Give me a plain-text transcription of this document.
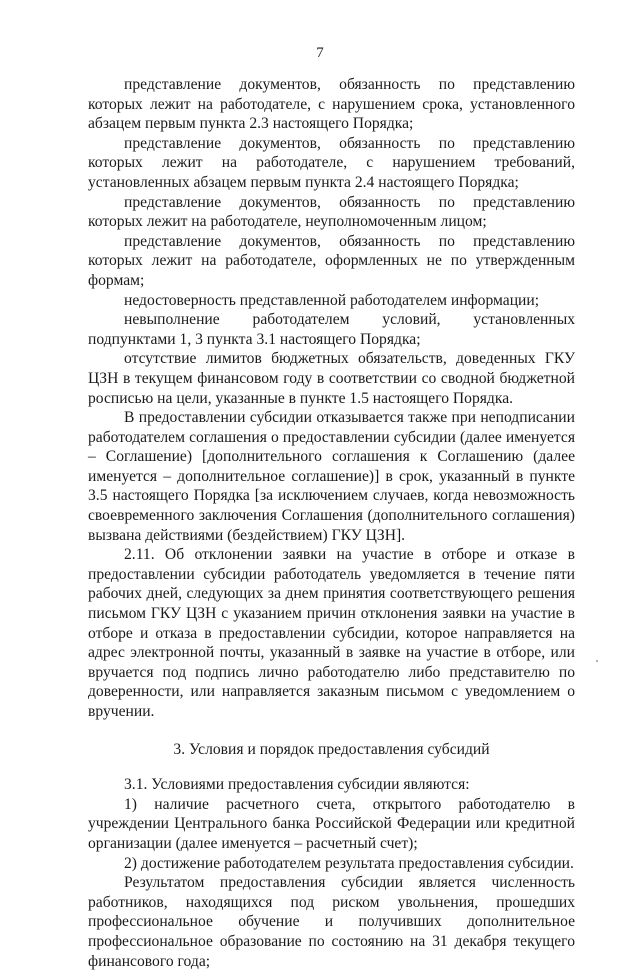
7

представление документов, обязанность по представлению которых лежит на работодателе, с нарушением срока, установленного абзацем первым пункта 2.3 настоящего Порядка;

представление документов, обязанность по представлению которых лежит на работодателе, с нарушением требований, установленных абзацем первым пункта 2.4 настоящего Порядка;

представление документов, обязанность по представлению которых лежит на работодателе, неуполномоченным лицом;

представление документов, обязанность по представлению которых лежит на работодателе, оформленных не по утвержденным формам;

недостоверность представленной работодателем информации;

невыполнение работодателем условий, установленных подпунктами 1, 3 пункта 3.1 настоящего Порядка;

отсутствие лимитов бюджетных обязательств, доведенных ГКУ ЦЗН в текущем финансовом году в соответствии со сводной бюджетной росписью на цели, указанные в пункте 1.5 настоящего Порядка.

В предоставлении субсидии отказывается также при неподписании работодателем соглашения о предоставлении субсидии (далее именуется – Соглашение) [дополнительного соглашения к Соглашению (далее именуется – дополнительное соглашение)] в срок, указанный в пункте 3.5 настоящего Порядка [за исключением случаев, когда невозможность своевременного заключения Соглашения (дополнительного соглашения) вызвана действиями (бездействием) ГКУ ЦЗН].

2.11. Об отклонении заявки на участие в отборе и отказе в предоставлении субсидии работодатель уведомляется в течение пяти рабочих дней, следующих за днем принятия соответствующего решения письмом ГКУ ЦЗН с указанием причин отклонения заявки на участие в отборе и отказа в предоставлении субсидии, которое направляется на адрес электронной почты, указанный в заявке на участие в отборе, или вручается под подпись лично работодателю либо представителю по доверенности, или направляется заказным письмом с уведомлением о вручении.

3. Условия и порядок предоставления субсидий

3.1. Условиями предоставления субсидии являются:

1) наличие расчетного счета, открытого работодателю в учреждении Центрального банка Российской Федерации или кредитной организации (далее именуется – расчетный счет);

2) достижение работодателем результата предоставления субсидии.

Результатом предоставления субсидии является численность работников, находящихся под риском увольнения, прошедших профессиональное обучение и получивших дополнительное профессиональное образование по состоянию на 31 декабря текущего финансового года;
